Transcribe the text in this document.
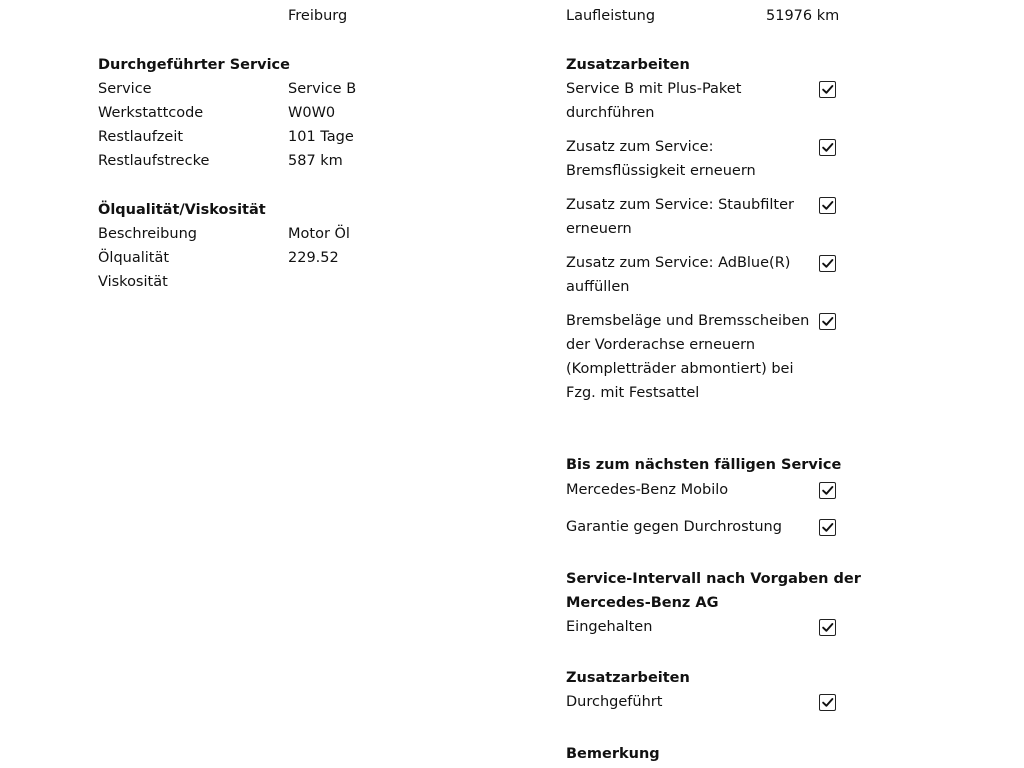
Freiburg
Durchgeführter Service
Service	Service B
Werkstattcode	W0W0
Restlaufzeit	101 Tage
Restlaufstrecke	587 km
Ölqualität/Viskosität
Beschreibung	Motor Öl
Ölqualität	229.52
Viskosität
Laufleistung	51976 km
Zusatzarbeiten
Service B mit Plus-Paket durchführen
Zusatz zum Service: Bremsflüssigkeit erneuern
Zusatz zum Service: Staubfilter erneuern
Zusatz zum Service: AdBlue(R) auffüllen
Bremsbeläge und Bremsscheiben der Vorderachse erneuern (Kompletträder abmontiert) bei Fzg. mit Festsattel
Bis zum nächsten fälligen Service
Mercedes-Benz Mobilo
Garantie gegen Durchrostung
Service-Intervall nach Vorgaben der
Mercedes-Benz AG
Eingehalten
Zusatzarbeiten
Durchgeführt
Bemerkung
